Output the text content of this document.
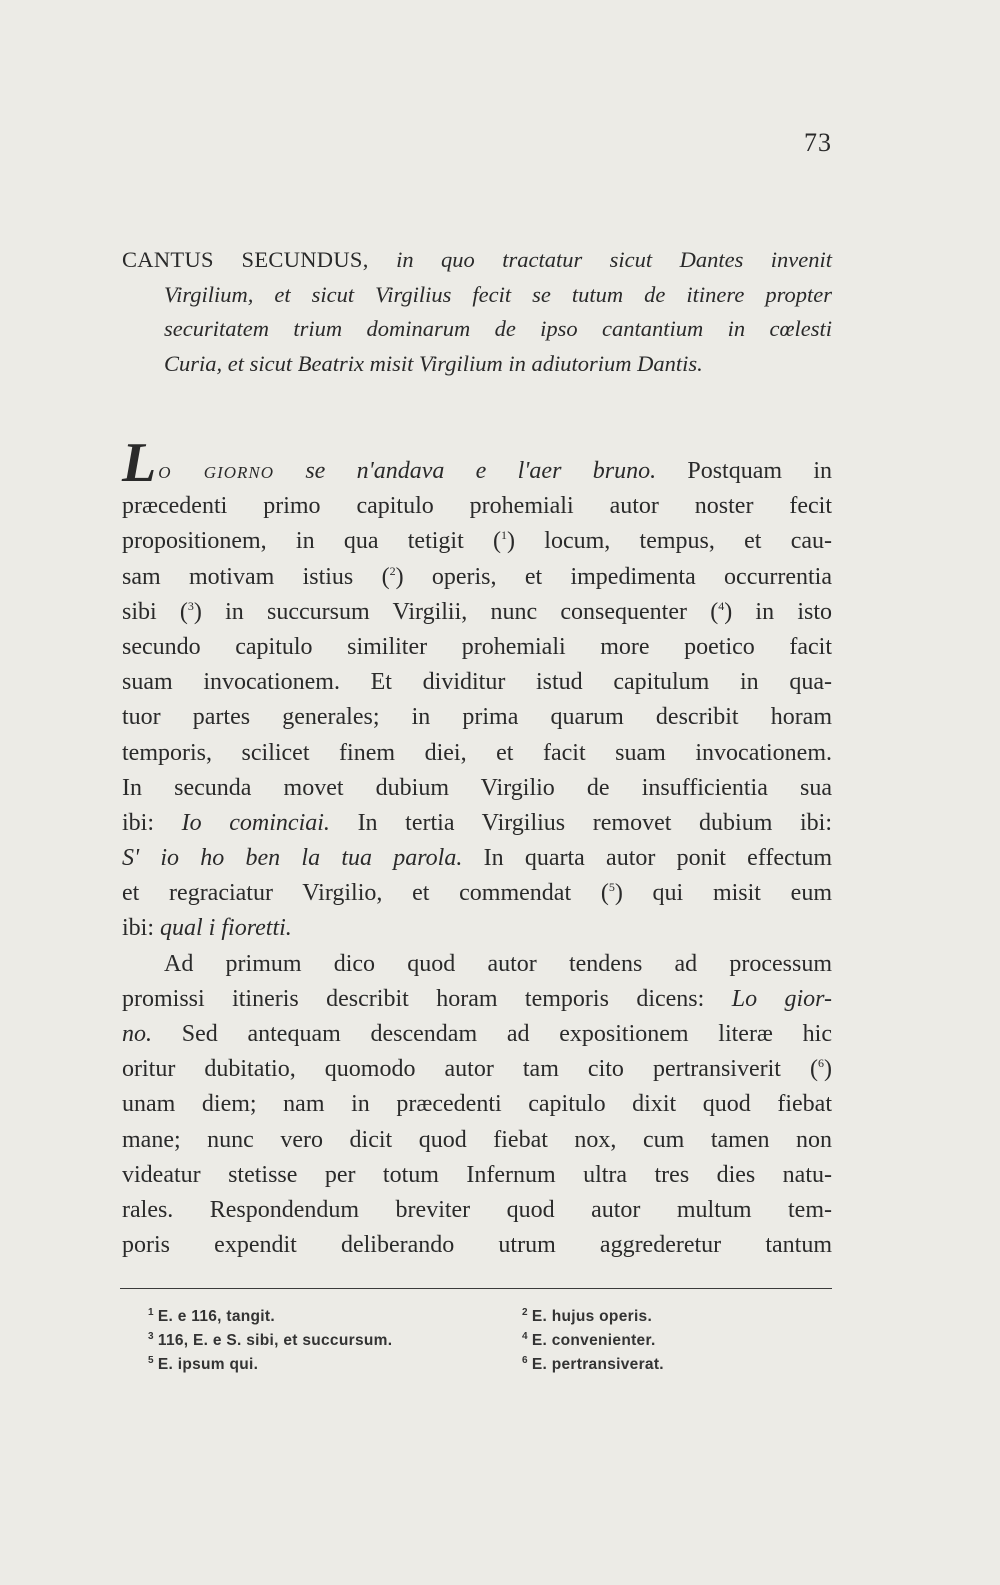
73
CANTUS SECUNDUS, in quo tractatur sicut Dantes invenit
Virgilium, et sicut Virgilius fecit se tutum de itinere propter
securitatem trium dominarum de ipso cantantium in cœlesti
Curia, et sicut Beatrix misit Virgilium in adiutorium Dantis.
Lo giorno se n'andava e l'aer bruno. Postquam in
præcedenti primo capitulo prohemiali autor noster fecit
propositionem, in qua tetigit ($^1$) locum, tempus, et cau-
sam motivam istius ($^2$) operis, et impedimenta occurrentia
sibi ($^3$) in succursum Virgilii, nunc consequenter ($^4$) in isto
secundo capitulo similiter prohemiali more poetico facit
suam invocationem. Et dividitur istud capitulum in qua-
tuor partes generales; in prima quarum describit horam
temporis, scilicet finem diei, et facit suam invocationem.
In secunda movet dubium Virgilio de insufficientia sua
ibi: Io cominciai. In tertia Virgilius removet dubium ibi:
S' io ho ben la tua parola. In quarta autor ponit effectum
et regraciatur Virgilio, et commendat ($^5$) qui misit eum
ibi: qual i fioretti.
Ad primum dico quod autor tendens ad processum
promissi itineris describit horam temporis dicens: Lo gior-
no. Sed antequam descendam ad expositionem literæ hic
oritur dubitatio, quomodo autor tam cito pertransiverit ($^6$)
unam diem; nam in præcedenti capitulo dixit quod fiebat
mane; nunc vero dicit quod fiebat nox, cum tamen non
videatur stetisse per totum Infernum ultra tres dies natu-
rales. Respondendum breviter quod autor multum tem-
poris expendit deliberando utrum aggrederetur tantum
$^1$ E. e 116, tangit.
$^3$ 116, E. e S. sibi, et succursum.
$^5$ E. ipsum qui.
$^2$ E. hujus operis.
$^4$ E. convenienter.
$^6$ E. pertransiverat.
